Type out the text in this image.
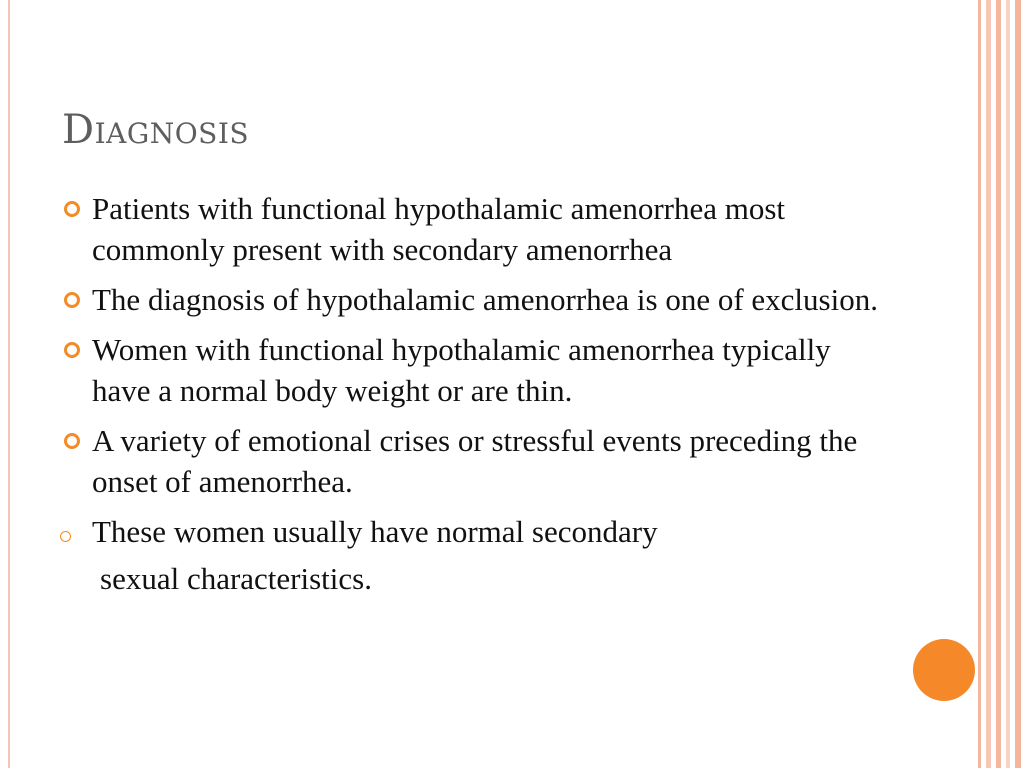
Diagnosis
Patients with functional hypothalamic amenorrhea most commonly present with secondary amenorrhea
The diagnosis of hypothalamic amenorrhea is one of exclusion.
Women with functional hypothalamic amenorrhea typically have a normal body weight or are thin.
A variety of emotional crises or stressful events preceding the onset of amenorrhea.
These women usually have normal secondary
sexual characteristics.
